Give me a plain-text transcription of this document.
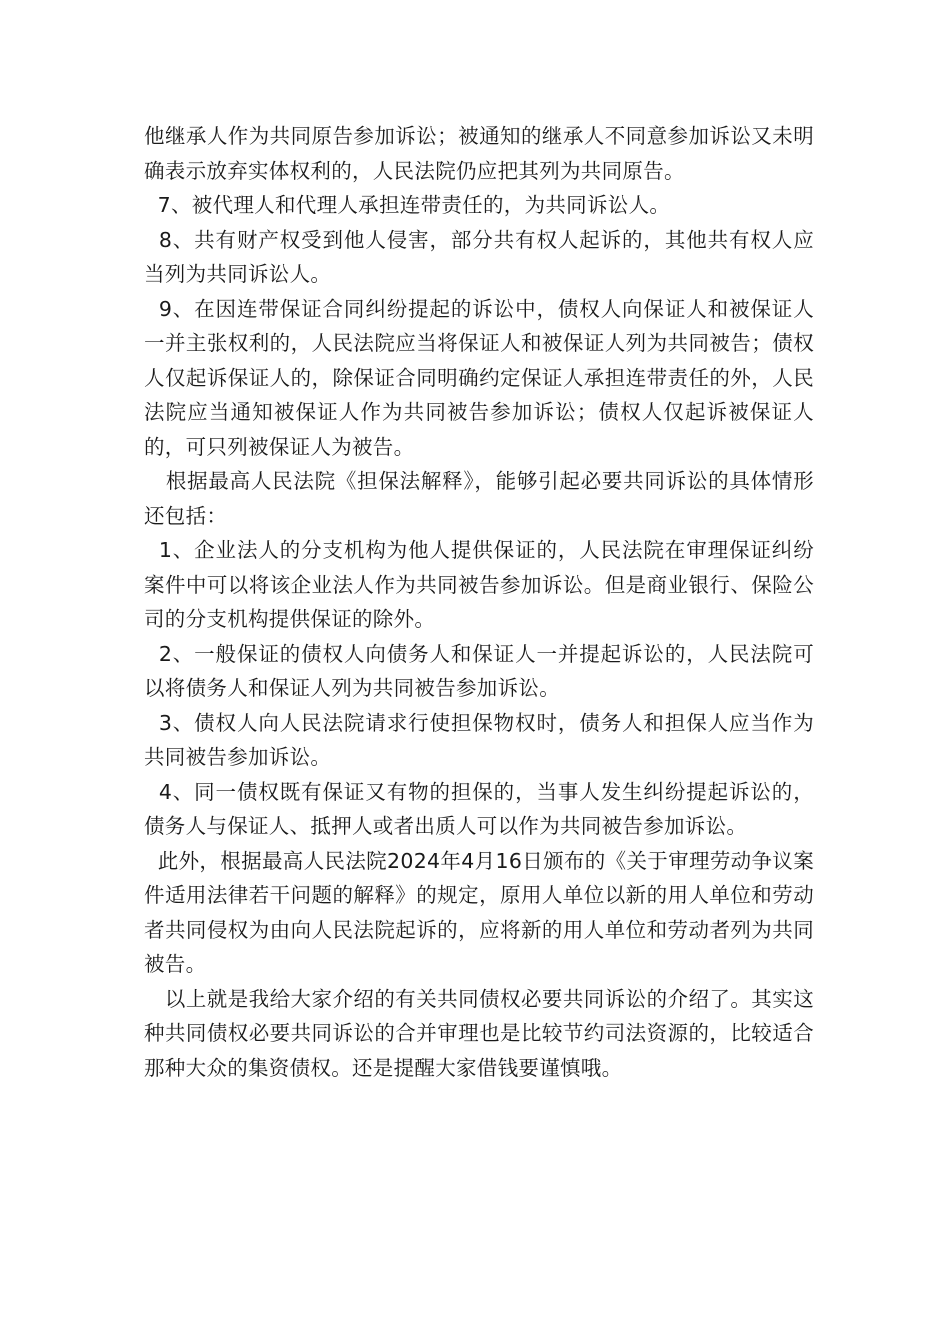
他继承人作为共同原告参加诉讼；被通知的继承人不同意参加诉讼又未明确表示放弃实体权利的，人民法院仍应把其列为共同原告。

7、被代理人和代理人承担连带责任的，为共同诉讼人。

8、共有财产权受到他人侵害，部分共有权人起诉的，其他共有权人应当列为共同诉讼人。

9、在因连带保证合同纠纷提起的诉讼中，债权人向保证人和被保证人一并主张权利的，人民法院应当将保证人和被保证人列为共同被告；债权人仅起诉保证人的，除保证合同明确约定保证人承担连带责任的外，人民法院应当通知被保证人作为共同被告参加诉讼；债权人仅起诉被保证人的，可只列被保证人为被告。

根据最高人民法院《担保法解释》，能够引起必要共同诉讼的具体情形还包括：

1、企业法人的分支机构为他人提供保证的，人民法院在审理保证纠纷案件中可以将该企业法人作为共同被告参加诉讼。但是商业银行、保险公司的分支机构提供保证的除外。

2、一般保证的债权人向债务人和保证人一并提起诉讼的，人民法院可以将债务人和保证人列为共同被告参加诉讼。

3、债权人向人民法院请求行使担保物权时，债务人和担保人应当作为共同被告参加诉讼。

4、同一债权既有保证又有物的担保的，当事人发生纠纷提起诉讼的，债务人与保证人、抵押人或者出质人可以作为共同被告参加诉讼。

此外，根据最高人民法院2024年4月16日颁布的《关于审理劳动争议案件适用法律若干问题的解释》的规定，原用人单位以新的用人单位和劳动者共同侵权为由向人民法院起诉的，应将新的用人单位和劳动者列为共同被告。

以上就是我给大家介绍的有关共同债权必要共同诉讼的介绍了。其实这种共同债权必要共同诉讼的合并审理也是比较节约司法资源的，比较适合那种大众的集资债权。还是提醒大家借钱要谨慎哦。
